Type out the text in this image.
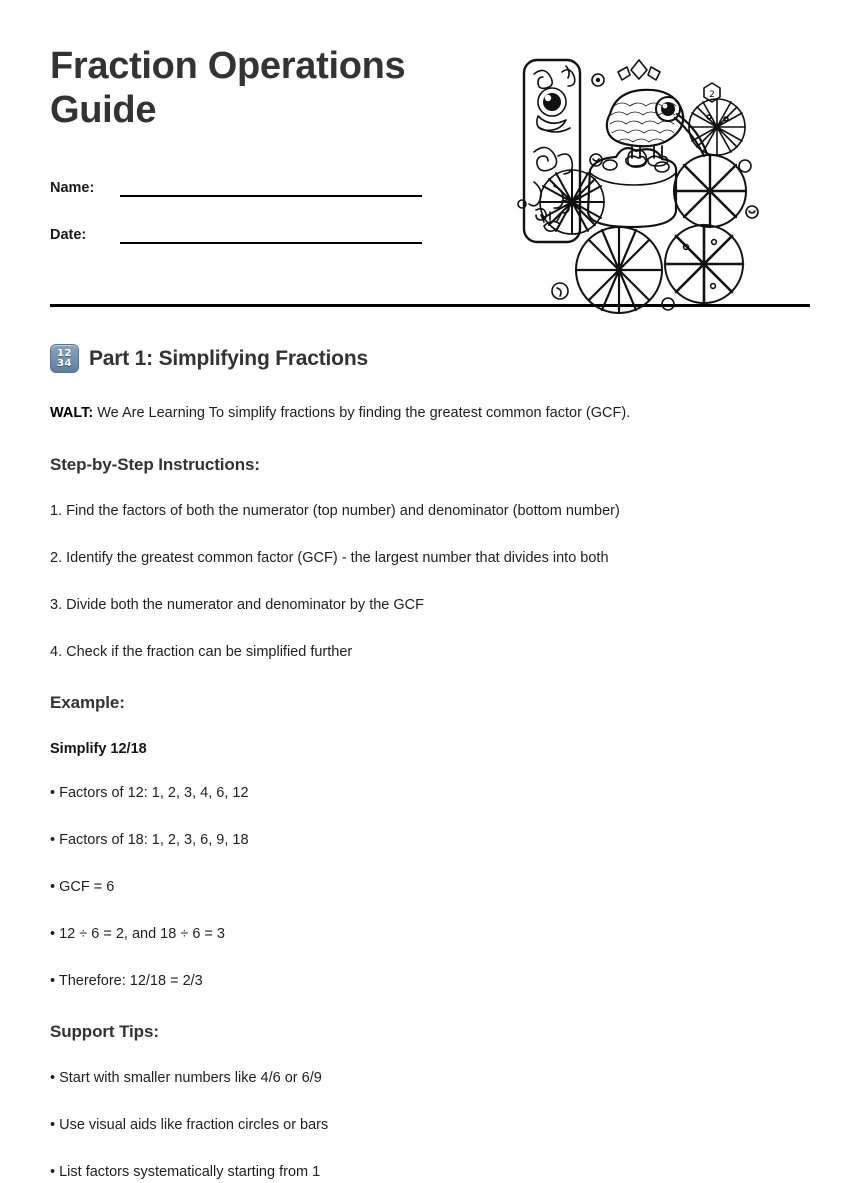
Fraction Operations Guide
Name:
Date:
2
12
34 Part 1: Simplifying Fractions

WALT: We Are Learning To simplify fractions by finding the greatest common factor (GCF).

Step-by-Step Instructions:

1. Find the factors of both the numerator (top number) and denominator (bottom number)

2. Identify the greatest common factor (GCF) - the largest number that divides into both

3. Divide both the numerator and denominator by the GCF

4. Check if the fraction can be simplified further

Example:

Simplify 12/18

• Factors of 12: 1, 2, 3, 4, 6, 12

• Factors of 18: 1, 2, 3, 6, 9, 18

• GCF = 6

• 12 ÷ 6 = 2, and 18 ÷ 6 = 3

• Therefore: 12/18 = 2/3

Support Tips:

• Start with smaller numbers like 4/6 or 6/9

• Use visual aids like fraction circles or bars

• List factors systematically starting from 1
